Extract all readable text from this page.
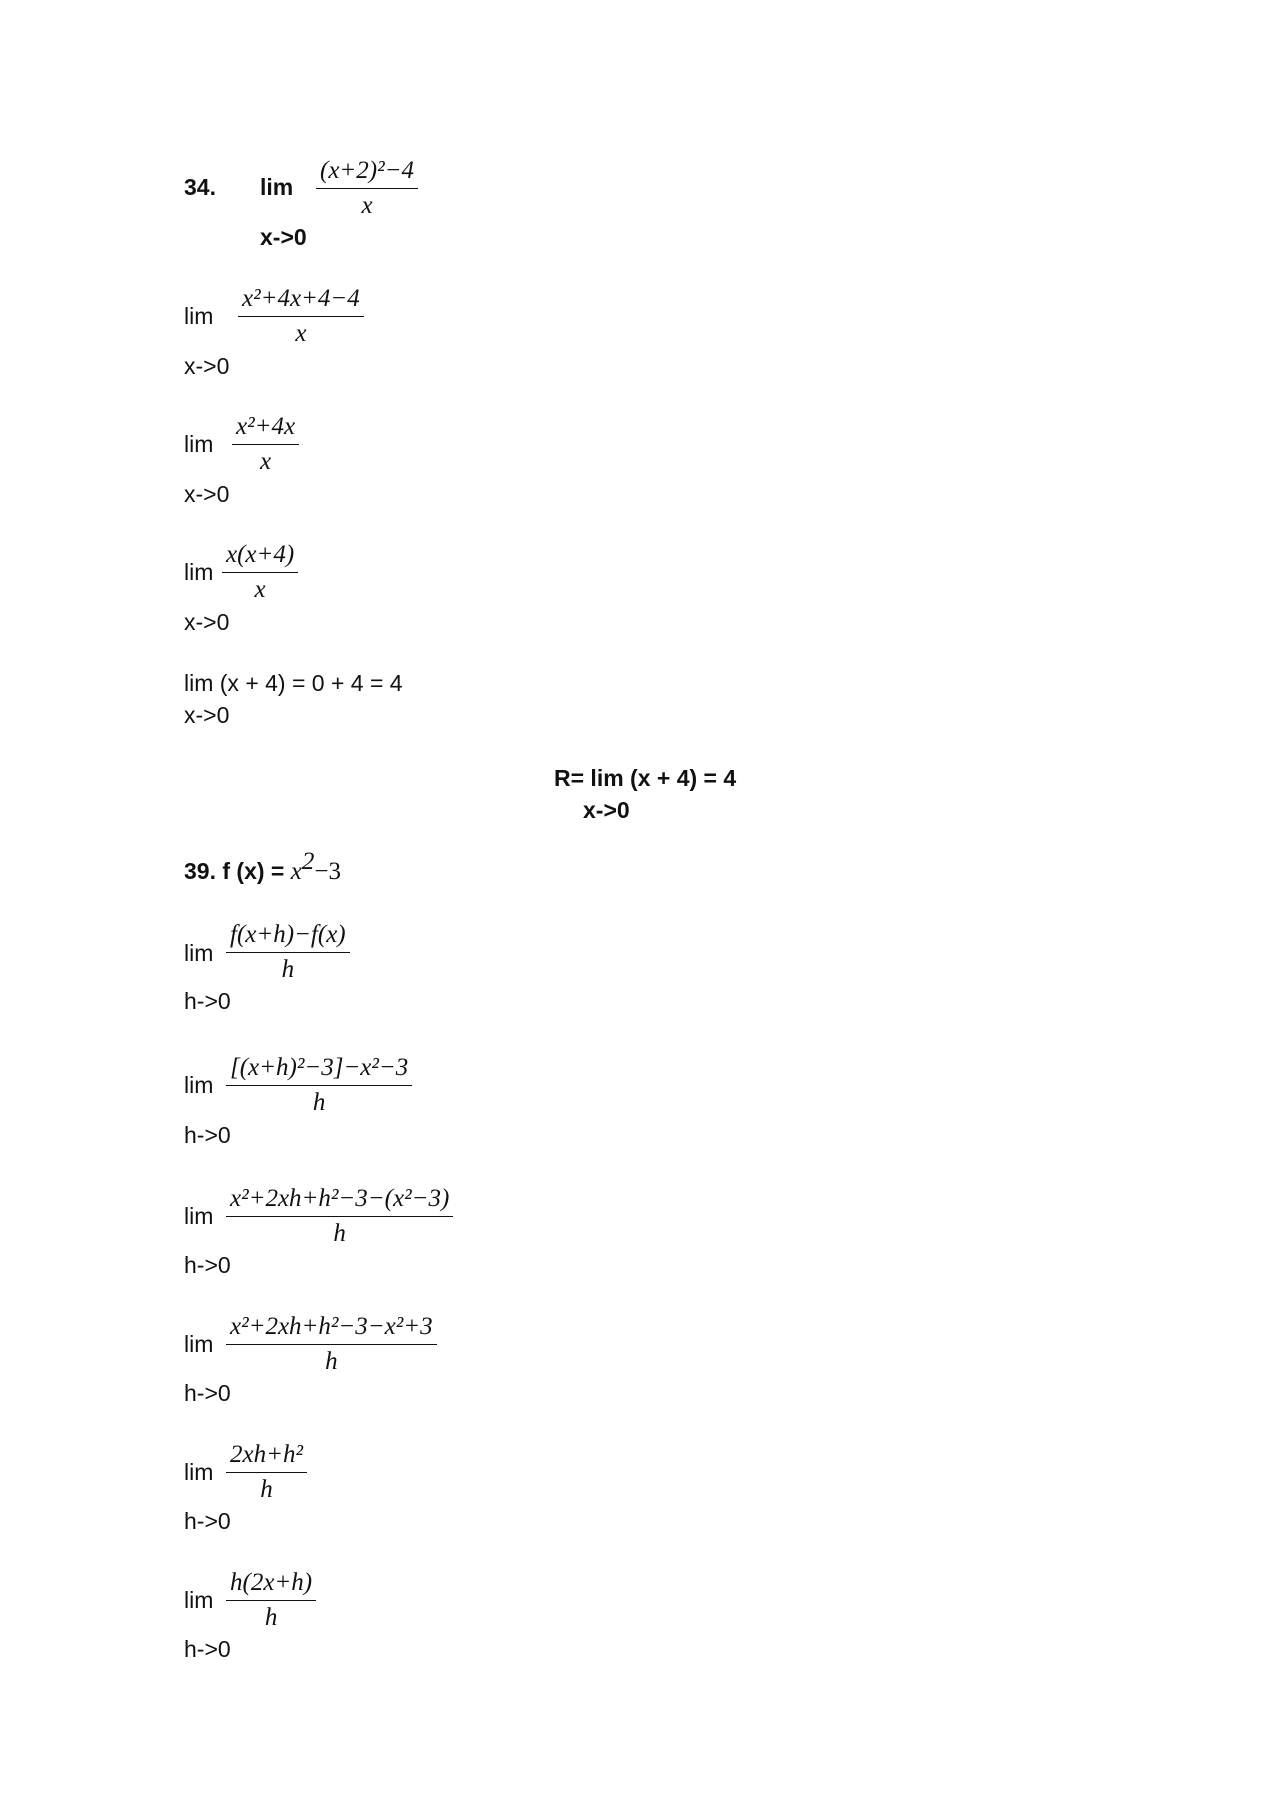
34. lim
x->0
(x+2)²−4
x
lim
x->0
x²+4x+4−4
x
lim
x->0
x²+4x
x
lim
x->0
x(x+4)
x
lim (x + 4) = 0 + 4 = 4
x->0
R= lim (x + 4) = 4
x->0
39. f $(x) = x^2-3$
lim
h->0
f(x+h)−f(x)
h
lim
h->0
[(x+h)²−3]−x²−3
h
lim
h->0
x²+2xh+h²−3−(x²−3)
h
lim
h->0
x²+2xh+h²−3−x²+3
h
lim
h->0
2xh+h²
h
lim
h->0
h(2x+h)
h
